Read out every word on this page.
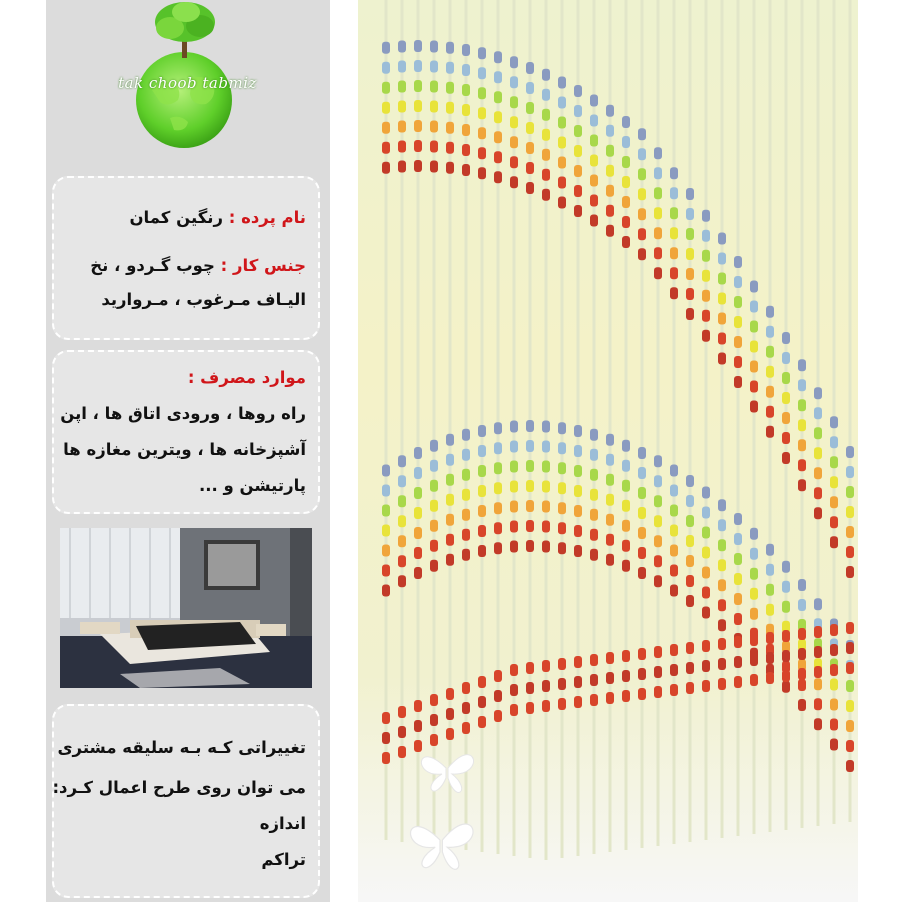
tak choob tabmiz
نام پرده : رنگین کمان
جنس کار : چوب گـردو ، نخ
الیـاف مـرغوب ، مـروارید
موارد مصرف :
راه روها ، ورودی اتاق ها ، اپن
آشپزخانه ها ، ویترین مغازه ها
پارتیشن و ...
تغییراتی کـه بـه سلیقه مشتری
می توان روی طرح اعمال کـرد:
اندازه
تراکم
